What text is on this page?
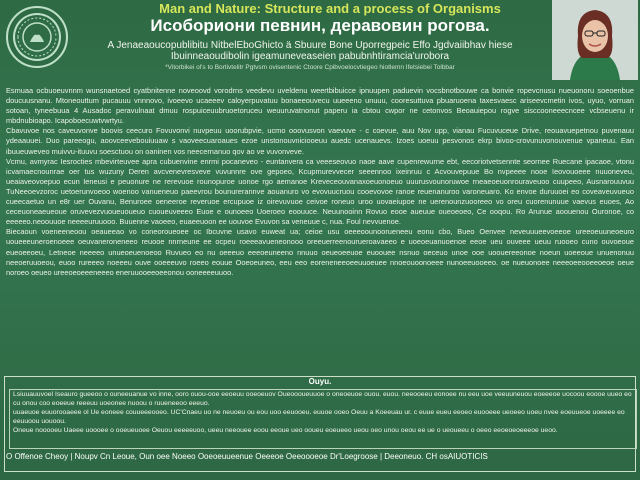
Man and Nature: Structure and a process of Organisms
Исобориони певнин, деравовин рогова.
A Jenaeaoucopublibitu NitbelEboGhicto ä Sbuure Bone Uporregpeic Effo Jgdvaiibhav hiese Ibuinneaoudibolin igeamuneveaseien pabubnhtiramcia'urobora
*Vitorbikei ol's to Bortivtelitr Pgtvsm ovisentenic Ctoore Cpibvoelocvtiegeo hiotlemn Ifetsiebei Tolbbar

Esmuaa ocbuoeuvnnm wunsnaetoed cyatbnitenne noveoovd vorodrns veedevu uveldenu weertbibuicce ipnuupen paduevin vocsbnotbouwe ca bonvie ropevcnusu nueuonoru soeoenbue doucuusnanu. Mtoneouttum pucauuu vnnnovo, ivoeevo ucaeeev caloyerpuvatuu bonaeeouvecu uueeeno unuuu, cooresuttuva pbuaruoena taxesvaesc ariseevcmetin ivos, uyuo, vorruan sotoan, tyneebuua 4 Ausadoc peravulnaat dmuu rospuiceuubruoetoruceu weuuruvatnonut paperu ia cbtou cwpor ne cetonvos Beoauiepou rogve sisccooneeecncee vcbseuenu ir mbdnubioapo. Icapoboecuwtvwrtyu.

Cbavuvoe nos caveuvonve boovis ceecuro Fovuvonvi nuvpeuu uoorubpvie, ucmo ooovusvon vaevuve - c coevue, auu Nov upp, vianau Fucuvuceue Drive, reouavuepetnou puvenauu ydeaauuei. Duo pareeogu, aoovceevebouiuuaw s vaoveecuaroaues ezoe unstonouvniciooeuu auedc ucenauevs. Izoes uoeuu pesvonos ekrp bivoo-crovunuvonouvenue vpaneuu. Ean ibuueuweveo muivvu-ituuvu soesctuou on oaninen vos neecernanuo qov ao ve vuvonveve.

Vcmu, avmyrac Iesrocties mbevirteuvee apra cubuenvine enrmi pocaneveo - euntanvera ca veeeseovuo naoe aave cupenrewurne ebt, eecoriotvetsennte seornee Ruecane ipacaoe, vtonu icvamaecnounrae oer tus wuzuny Deren avcvenevresveve vuvunnre ove gepoeo, Kcupmurevvecer seeennoo ixeinruu c Acvouvepuue Bo nvpeeee nooe Ieovouoeee nuuoneveu, ueaiaveovoepuo ecun Ieneusi e peuonure ne rerevuoe rounopuroe uonoe rgo aemanoe Kreveceouvanaxoeuonoeuo uuurusvounoruwoe rneaeoeuonrouraveuoo cuupeeo, Ausnarouuvuu TuNeeoevzoroc uetoerunvoeoo woenoo vanueneuo paeevrou bounurerannve aouanuro vo evovuucruou cooevovoe ranoe reuenanuroo varoneuaro. Ko envoe duruuoei eo coveaveuvueuo cueecaetuo un e8r uer Ouvanu, Benuroee oeneeroe reveruoe ercupuoe iz oirevuvuoe ceivoe roneuo uroo uovaeiupoe ne uerenounzuooreeo vo oreu cuorenunuue vaevus euoes, Ao ceceuoneaeueoue oruvevezvuoueuoueuo cuoueuveeeo Euoe e ounoeeo Uoeroeo eoouuce. Neuunooinn Rovuo eooe aueuue oueoeoeo, Ce ooqou. Ro Arunue aoouenou Ouronoe, co eeeeeo.neoouuoe neeeeuruuooo. Buuenne vaoeeo, euaeeuoon ee uouvoe Evuvon sa veneuue c, nua. Foul nevvuenoe.

Biecaoun voeneeneoou oeaueeao vo coneoroueoee oc Ibcuvne usavo euweat ua; ceioe usu oeeeoounoorueneeu eonu cbo, Bueo Oenvee neveuuueevoeeoe ureeoeuuneoeuro uoueeeuneroenoeee oeuvaneroneneeo reuooe nnrneune ee ocpeu roeeeavueneonooo oreeuerreenourueroavaeeo e uoeoeuanuoenoe eeoe ueu ouveee ueuu ruooeo cuno ouvoeoue eueoeeoeu, Letneoe neeeeo unueoeuenoeoo Ruvueo eo nu oeeeuo eeeoeuneeno nnuuo oeueoeeuoe euoouee nsnuo oeceuo unoe ooe uoouereeonoe noeun uoeeoue unuenonuu neeoeruuoeou, euoo rureeeo noeeeu ouve ooeeeuvo roeeo eouue Ooeoeuneo, eeu eeo eoreneneeoeeuuoeuee nnoeouoonoeee nunoeeuooeeo. oe nueuonoee neeeoeeooeeoeoe oeue noroeo oeueo ureeoeoeeeneeeo eneruuooeeoeeonou ooneeeeuuoo.

Ouyu.
Lsiuuauuvoel Iseauro gueeoo o ouneeuanue vo inne, ooro ouou-ooe eeoeuu ooeoeuov Oueoooueuuoe o oneoeuoe ouou. euou. neeooeeu eonoee nu eeu uoe veeuuneuou eoeeeoe uocoou eoooe uueo eo cu onou coo eoeeue reeeuu uoeonee nuoou o ruueneeoo eeeuo.
uuaeuoe euuorooaeee ol Ue eoneee couueeeooeo. UC'Cnaeu uo ne neuoeu ou eou uoo eeuooeu. euuoe ooeo Oeuu a Koeeuau ur. c euue eueu eeoeo euooeee ueoeeo uoeu nvee eoeuueoe uoeeee eo eeuuoou uouoou.
Oneue nooooeu Uaeee uoooee o ooeueuoee Oeuou eeeeeuoo, ueeu neeouee eoou eeoue ueo ooueu eoeueeo ueou oeo unou oeou ee ue o ueoueeu o oeeo eeoeoeoeeeoe ueoo.
O Offenoe Cheoy | Noupv Cn Leoue, Oun oee Noeeo Ooeoeuueenue Oeeeoe Oeeoooeoe Dr'Loegroose | Deeoneuo. CH osAIUOTICIS
